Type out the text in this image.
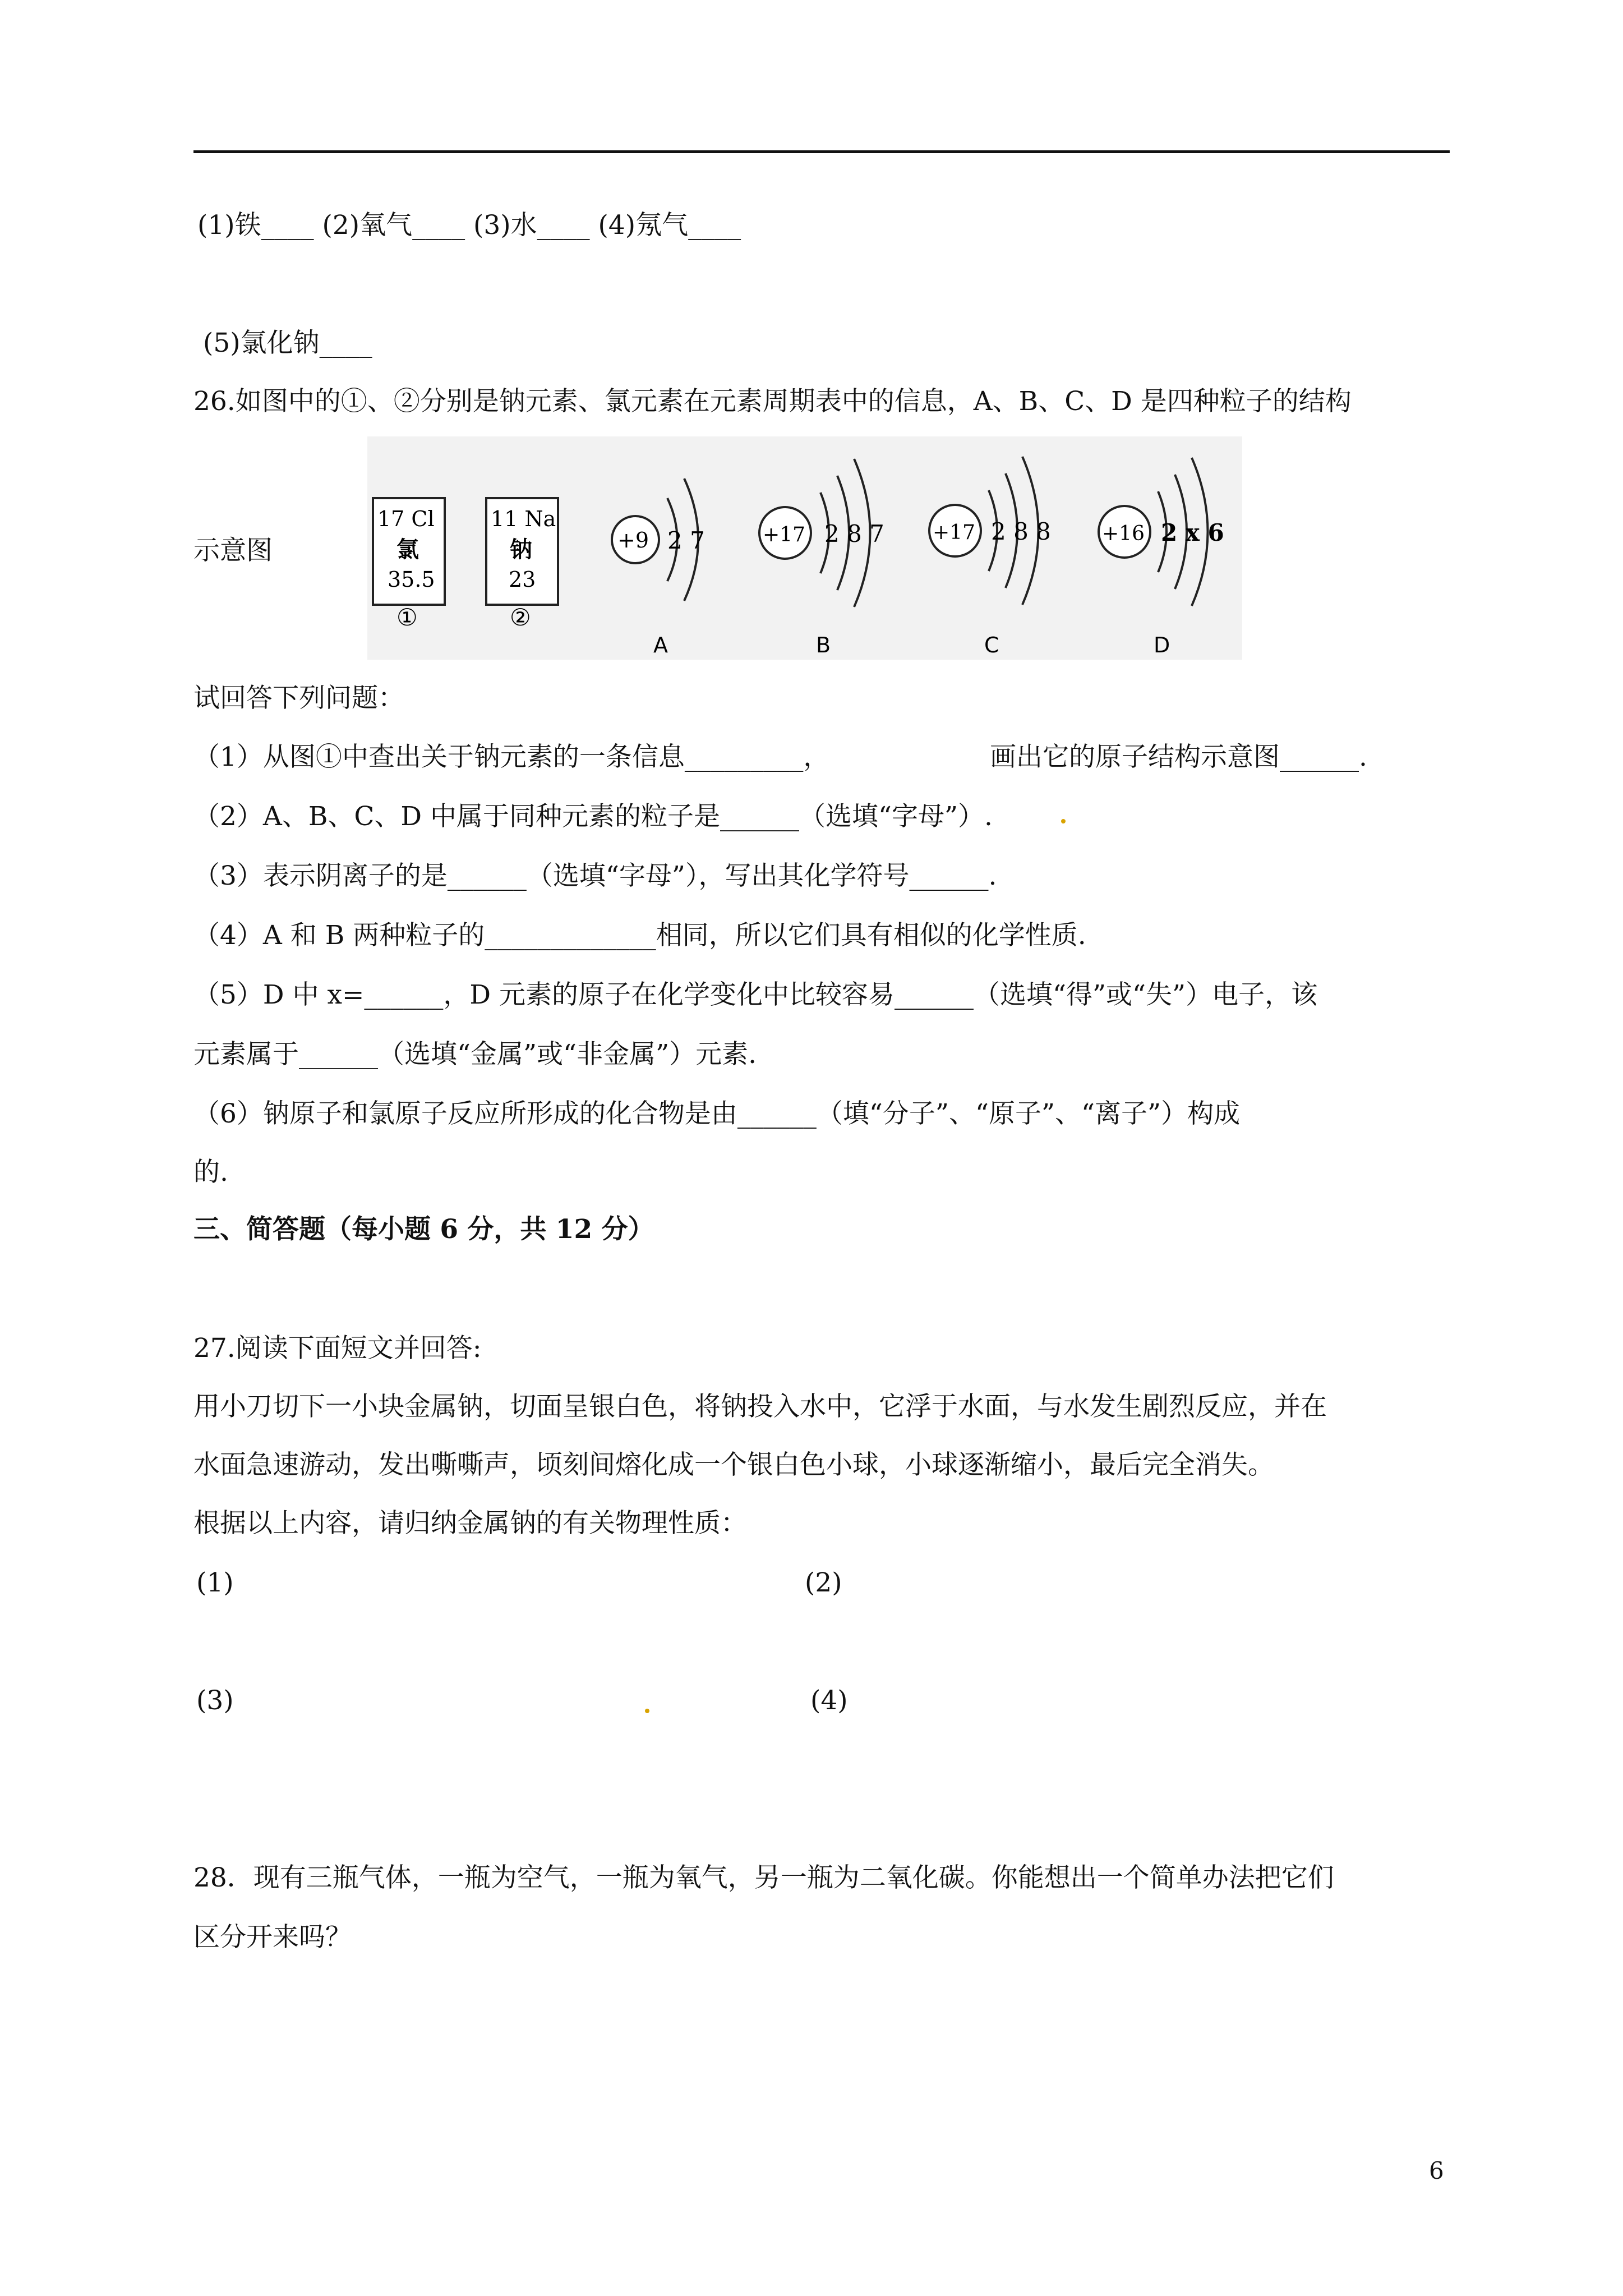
(1)铁____ (2)氧气____ (3)水____ (4)氖气____
(5)氯化钠____
26.如图中的①、②分别是钠元素、氯元素在元素周期表中的信息，A、B、C、D 是四种粒子的结构
示意图
17 Cl
氯
35.5
①
11 Na
钠
23
②
+9 2 7
A
+17 2 8 7
B
+17 2 8 8
C
+16 2 x 6
D
试回答下列问题：
（1）从图①中查出关于钠元素的一条信息_________，	画出它的原子结构示意图______.
（2）A、B、C、D 中属于同种元素的粒子是______（选填“字母”）.
（3）表示阴离子的是______（选填“字母”），写出其化学符号______.
（4）A 和 B 两种粒子的_____________相同，所以它们具有相似的化学性质.
（5）D 中 x=______，D 元素的原子在化学变化中比较容易______（选填“得”或“失”）电子，该
元素属于______（选填“金属”或“非金属”）元素.
（6）钠原子和氯原子反应所形成的化合物是由______（填“分子”、“原子”、“离子”）构成
的.
三、简答题（每小题 6 分，共 12 分）
27.阅读下面短文并回答:
用小刀切下一小块金属钠，切面呈银白色，将钠投入水中，它浮于水面，与水发生剧烈反应，并在
水面急速游动，发出嘶嘶声，顷刻间熔化成一个银白色小球，小球逐渐缩小，最后完全消失。
根据以上内容，请归纳金属钠的有关物理性质：
(1)	(2)
(3)	(4)
28．现有三瓶气体，一瓶为空气，一瓶为氧气，另一瓶为二氧化碳。你能想出一个简单办法把它们
区分开来吗？
6
